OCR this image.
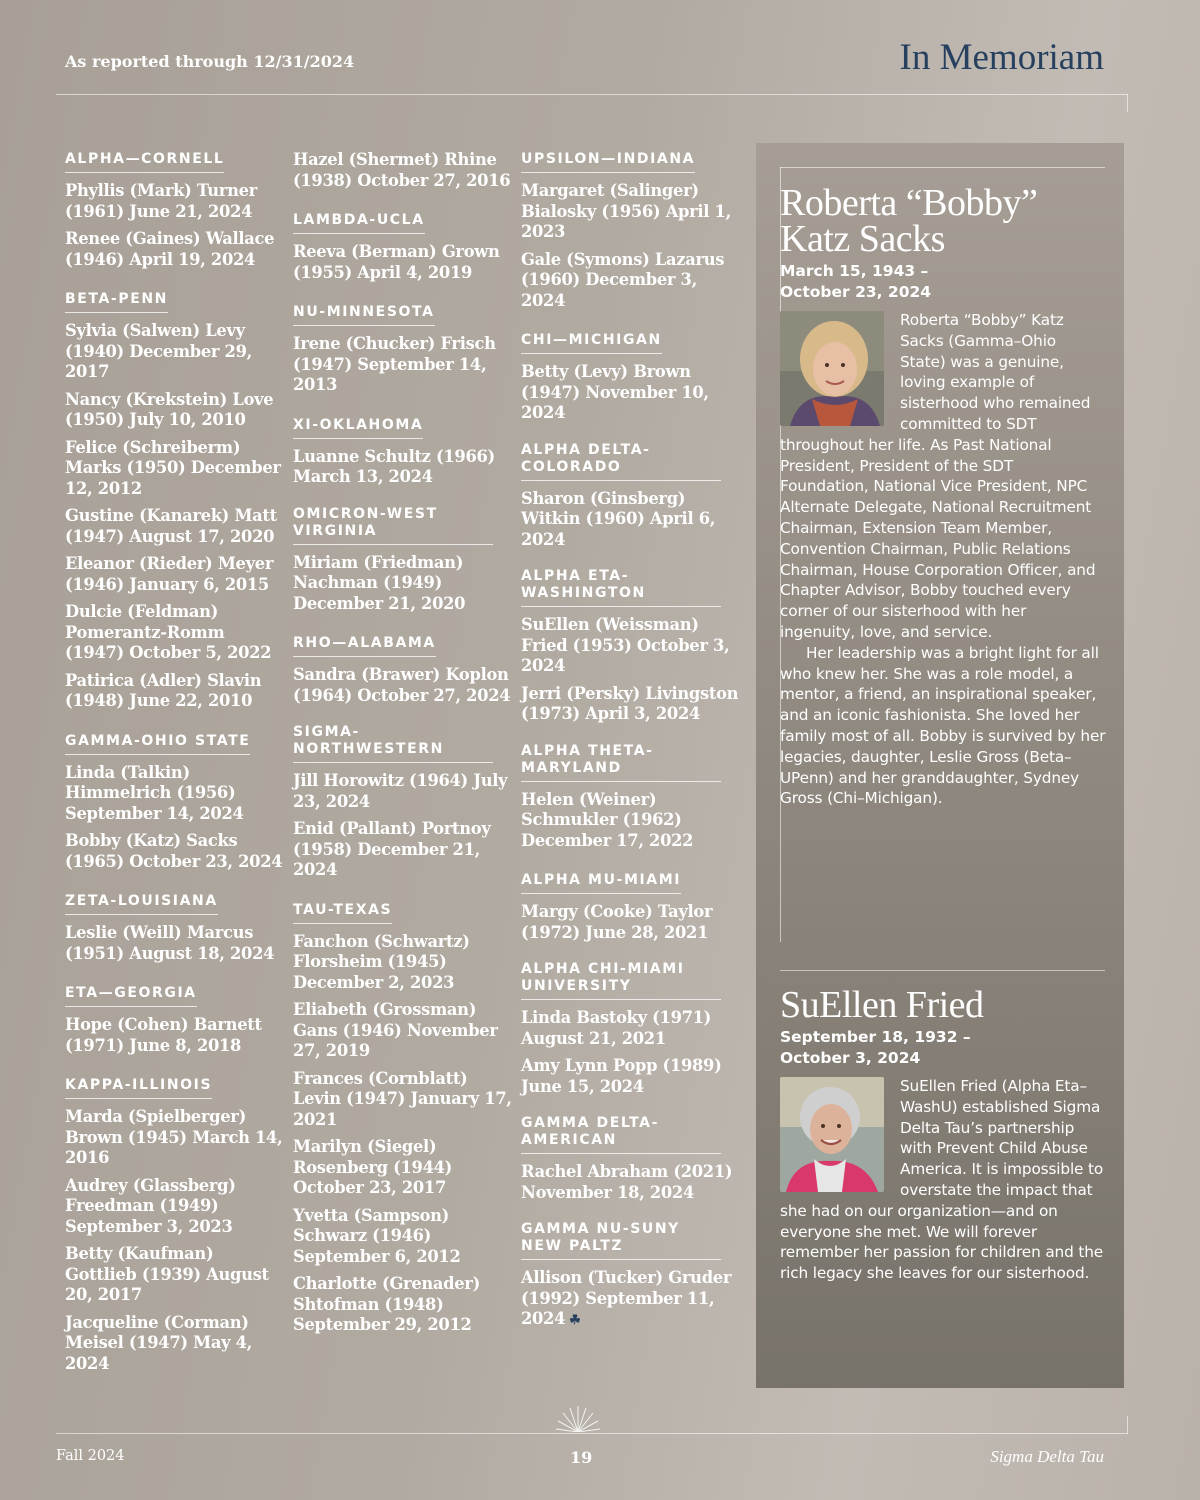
As reported through 12/31/2024	In Memoriam
ALPHA—CORNELL
Phyllis (Mark) Turner (1961) June 21, 2024
Renee (Gaines) Wallace (1946) April 19, 2024
BETA-PENN
Sylvia (Salwen) Levy (1940) December 29, 2017
Nancy (Krekstein) Love (1950) July 10, 2010
Felice (Schreiberm) Marks (1950) December 12, 2012
Gustine (Kanarek) Matt (1947) August 17, 2020
Eleanor (Rieder) Meyer (1946) January 6, 2015
Dulcie (Feldman) Pomerantz-Romm (1947) October 5, 2022
Patirica (Adler) Slavin (1948) June 22, 2010
GAMMA-OHIO STATE
Linda (Talkin) Himmelrich (1956) September 14, 2024
Bobby (Katz) Sacks (1965) October 23, 2024
ZETA-LOUISIANA
Leslie (Weill) Marcus (1951) August 18, 2024
ETA—GEORGIA
Hope (Cohen) Barnett (1971) June 8, 2018
KAPPA-ILLINOIS
Marda (Spielberger) Brown (1945) March 14, 2016
Audrey (Glassberg) Freedman (1949) September 3, 2023
Betty (Kaufman) Gottlieb (1939) August 20, 2017
Jacqueline (Corman) Meisel (1947) May 4, 2024
Hazel (Shermet) Rhine (1938) October 27, 2016
LAMBDA-UCLA
Reeva (Berman) Grown (1955) April 4, 2019
NU-MINNESOTA
Irene (Chucker) Frisch (1947) September 14, 2013
XI-OKLAHOMA
Luanne Schultz (1966) March 13, 2024
OMICRON-WEST VIRGINIA
Miriam (Friedman) Nachman (1949) December 21, 2020
RHO—ALABAMA
Sandra (Brawer) Koplon (1964) October 27, 2024
SIGMA-NORTHWESTERN
Jill Horowitz (1964) July 23, 2024
Enid (Pallant) Portnoy (1958) December 21, 2024
TAU-TEXAS
Fanchon (Schwartz) Florsheim (1945) December 2, 2023
Eliabeth (Grossman) Gans (1946) November 27, 2019
Frances (Cornblatt) Levin (1947) January 17, 2021
Marilyn (Siegel) Rosenberg (1944) October 23, 2017
Yvetta (Sampson) Schwarz (1946) September 6, 2012
Charlotte (Grenader) Shtofman (1948) September 29, 2012
UPSILON—INDIANA
Margaret (Salinger) Bialosky (1956) April 1, 2023
Gale (Symons) Lazarus (1960) December 3, 2024
CHI—MICHIGAN
Betty (Levy) Brown (1947) November 10, 2024
ALPHA DELTA-COLORADO
Sharon (Ginsberg) Witkin (1960) April 6, 2024
ALPHA ETA-WASHINGTON
SuEllen (Weissman) Fried (1953) October 3, 2024
Jerri (Persky) Livingston (1973) April 3, 2024
ALPHA THETA-MARYLAND
Helen (Weiner) Schmukler (1962) December 17, 2022
ALPHA MU-MIAMI
Margy (Cooke) Taylor (1972) June 28, 2021
ALPHA CHI-MIAMI UNIVERSITY
Linda Bastoky (1971) August 21, 2021
Amy Lynn Popp (1989) June 15, 2024
GAMMA DELTA-AMERICAN
Rachel Abraham (2021) November 18, 2024
GAMMA NU-SUNY NEW PALTZ
Allison (Tucker) Gruder (1992) September 11, 2024 ☘
Roberta “Bobby” Katz Sacks
March 15, 1943 – October 23, 2024

Roberta “Bobby” Katz Sacks (Gamma–Ohio State) was a genuine, loving example of sisterhood who remained committed to SDT throughout her life. As Past National President, President of the SDT Foundation, National Vice President, NPC Alternate Delegate, National Recruitment Chairman, Extension Team Member, Convention Chairman, Public Relations Chairman, House Corporation Officer, and Chapter Advisor, Bobby touched every corner of our sisterhood with her ingenuity, love, and service.

Her leadership was a bright light for all who knew her. She was a role model, a mentor, a friend, an inspirational speaker, and an iconic fashionista. She loved her family most of all. Bobby is survived by her legacies, daughter, Leslie Gross (Beta–UPenn) and her granddaughter, Sydney Gross (Chi–Michigan).

SuEllen Fried
September 18, 1932 – October 3, 2024

SuEllen Fried (Alpha Eta–WashU) established Sigma Delta Tau’s partnership with Prevent Child Abuse America. It is impossible to overstate the impact that she had on our organization—and on everyone she met. We will forever remember her passion for children and the rich legacy she leaves for our sisterhood.

Fall 2024	19	Sigma Delta Tau
